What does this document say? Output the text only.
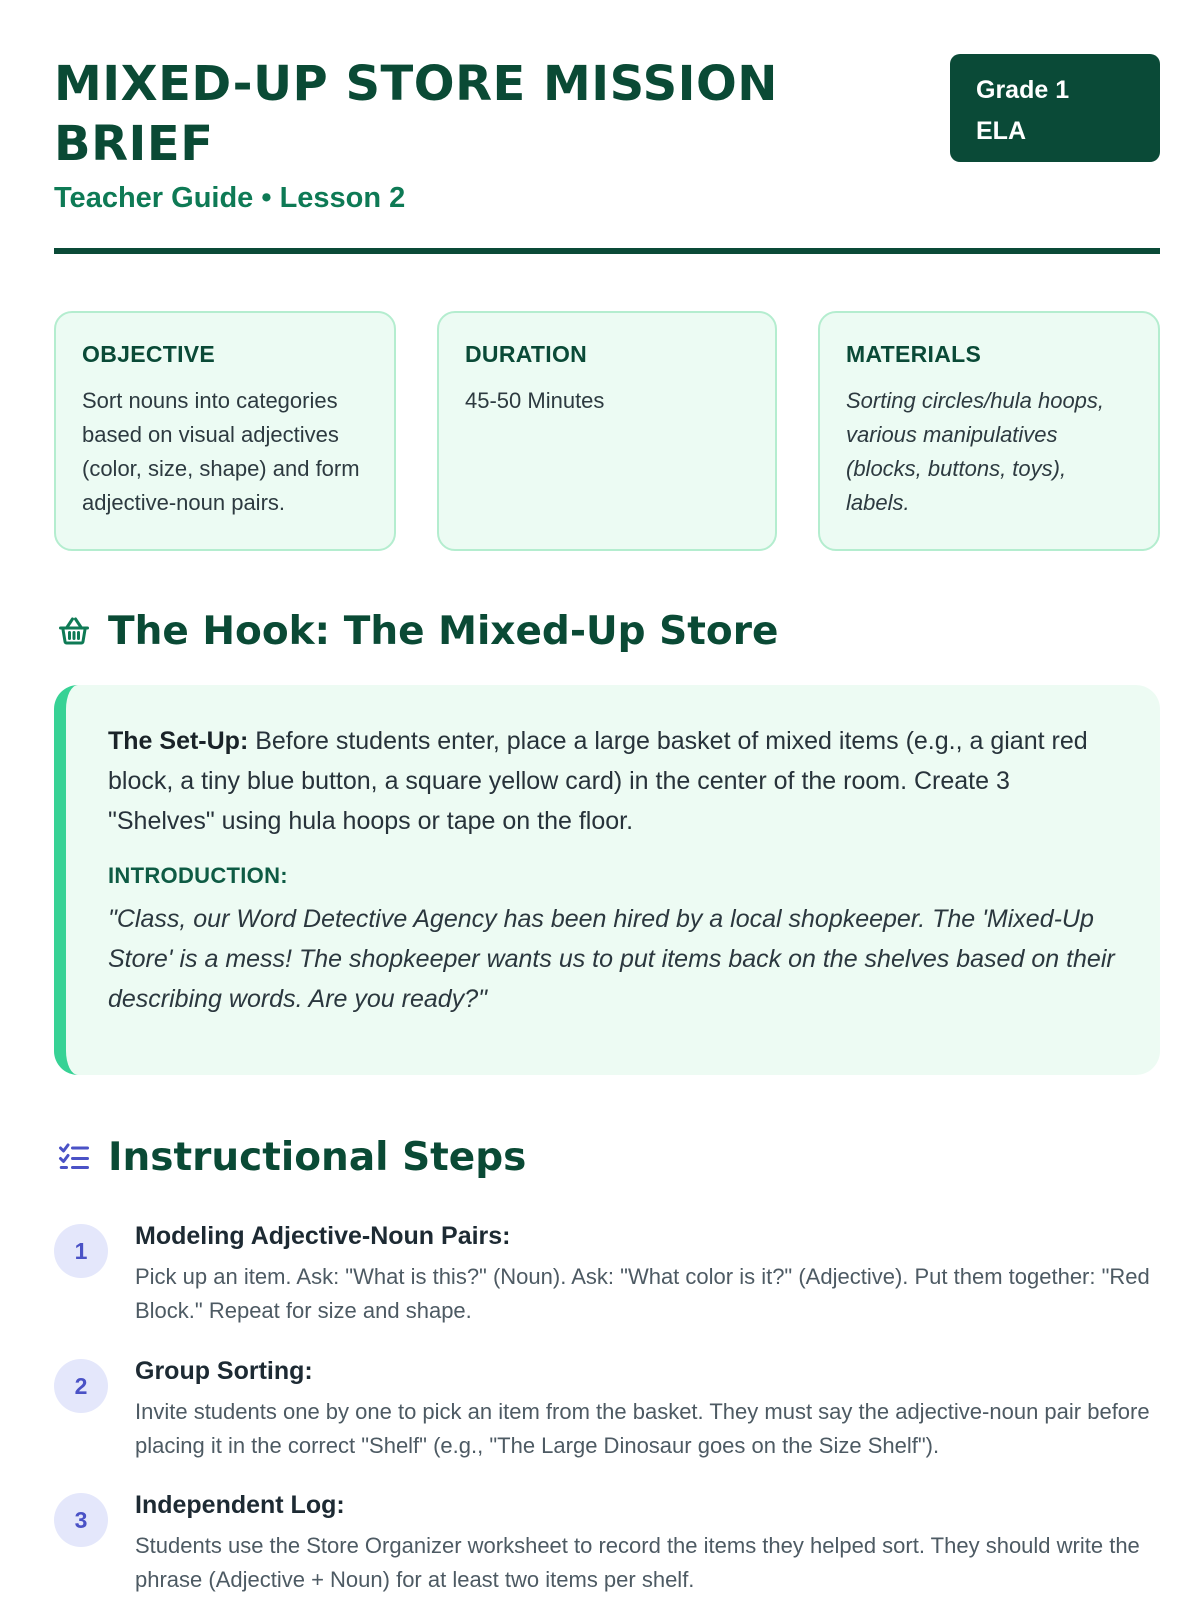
MIXED-UP STORE MISSION BRIEF
Teacher Guide • Lesson 2
Grade 1
ELA
OBJECTIVE
Sort nouns into categories based on visual adjectives (color, size, shape) and form adjective-noun pairs.
DURATION
45-50 Minutes
MATERIALS
Sorting circles/hula hoops, various manipulatives (blocks, buttons, toys), labels.
The Hook: The Mixed-Up Store
The Set-Up: Before students enter, place a large basket of mixed items (e.g., a giant red block, a tiny blue button, a square yellow card) in the center of the room. Create 3 "Shelves" using hula hoops or tape on the floor.
INTRODUCTION:
"Class, our Word Detective Agency has been hired by a local shopkeeper. The 'Mixed-Up Store' is a mess! The shopkeeper wants us to put items back on the shelves based on their describing words. Are you ready?"
Instructional Steps
1
Modeling Adjective-Noun Pairs:
Pick up an item. Ask: "What is this?" (Noun). Ask: "What color is it?" (Adjective). Put them together: "Red Block." Repeat for size and shape.
2
Group Sorting:
Invite students one by one to pick an item from the basket. They must say the adjective-noun pair before placing it in the correct "Shelf" (e.g., "The Large Dinosaur goes on the Size Shelf").
3
Independent Log:
Students use the Store Organizer worksheet to record the items they helped sort. They should write the phrase (Adjective + Noun) for at least two items per shelf.
